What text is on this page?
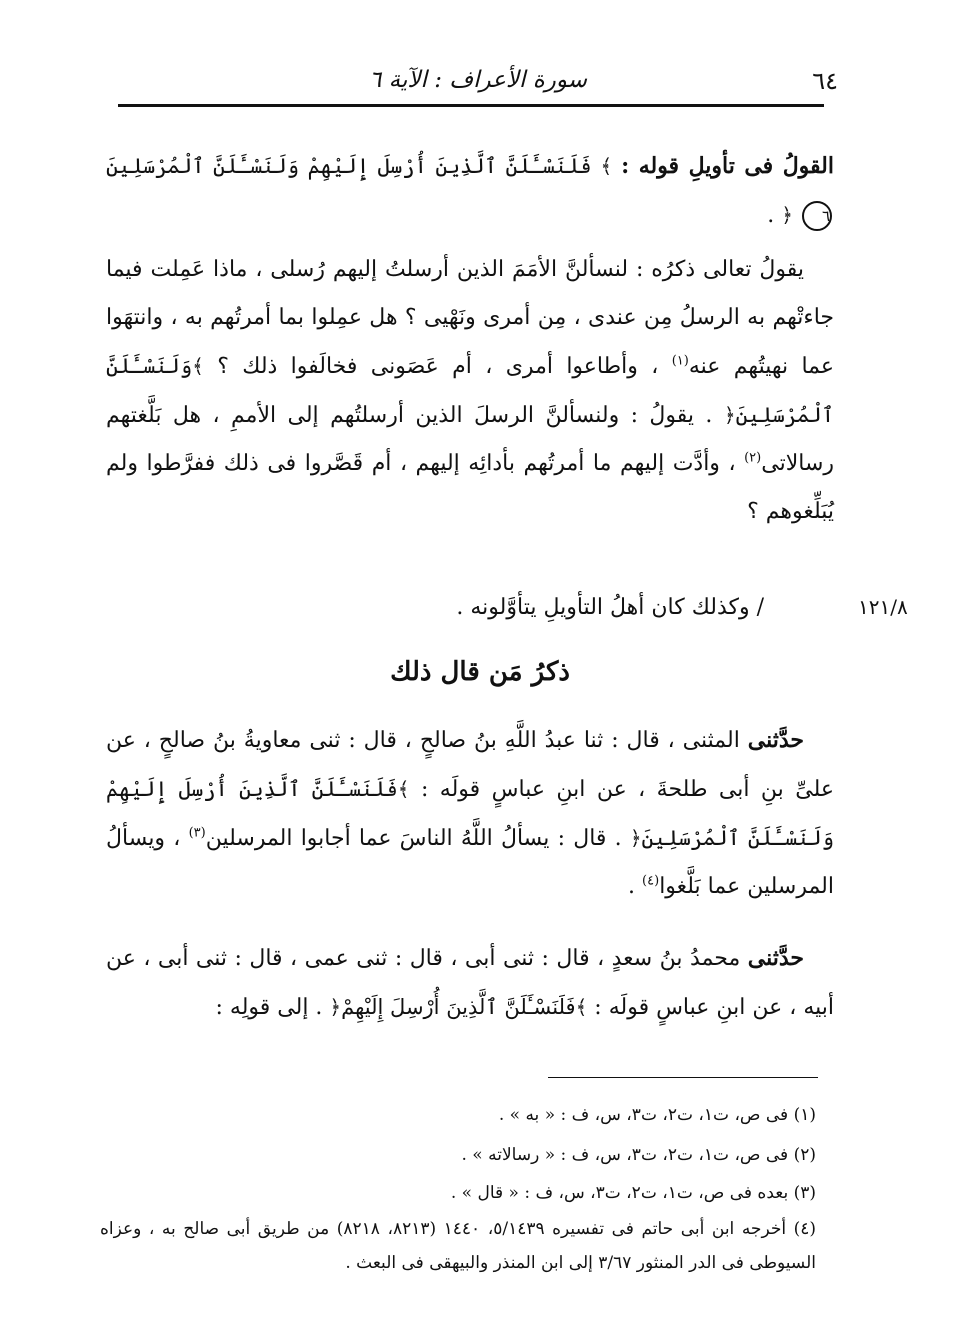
٦٤
سورة الأعراف : الآية ٦
القولُ فى تأويلِ قوله : ﴾ فَلَنَسْـَٔلَنَّ ٱلَّذِينَ أُرْسِلَ إِلَيْهِمْ وَلَنَسْـَٔلَنَّ ٱلْمُرْسَلِينَ ٦ ﴿ .
يقولُ تعالى ذكرُه : لنسألنَّ الأمَمَ الذين أرسلتُ إليهم رُسلى ، ماذا عَمِلت فيما جاءتْهم به الرسلُ مِن عندى ، مِن أمرى ونَهْيى ؟ هل عمِلوا بما أمرتُهم به ، وانتهَوا عما نهيتُهم عنه$^{(١)}$ ، وأطاعوا أمرى ، أم عَصَونى فخالَفوا ذلك ؟ ﴾وَلَنَسْـَٔلَنَّ ٱلْمُرْسَلِينَ﴿ . يقولُ : ولنسألنَّ الرسلَ الذين أرسلتُهم إلى الأممِ ، هل بَلَّغتهم رسالاتى$^{(٢)}$ ، وأدَّت إليهم ما أمرتُهم بأدائِه إليهم ، أم قَصَّروا فى ذلك ففرَّطوا ولم يُبَلِّغوهم ؟
/ وكذلك كان أهلُ التأويلِ يتأوَّلونه .	١٢١/٨
ذكرُ مَن قال ذلك
حدَّثنى المثنى ، قال : ثنا عبدُ اللَّهِ بنُ صالحٍ ، قال : ثنى معاويةُ بنُ صالحٍ ، عن علىِّ بنِ أبى طلحةَ ، عن ابنِ عباسٍ قولَه : ﴾فَلَنَسْـَٔلَنَّ ٱلَّذِينَ أُرْسِلَ إِلَيْهِمْ وَلَنَسْـَٔلَنَّ ٱلْمُرْسَلِينَ﴿ . قال : يسألُ اللَّهُ الناسَ عما أجابوا المرسلين$^{(٣)}$ ، ويسألُ المرسلين عما بَلَّغوا$^{(٤)}$ .
حدَّثنى محمدُ بنُ سعدٍ ، قال : ثنى أبى ، قال : ثنى عمى ، قال : ثنى أبى ، عن أبيه ، عن ابنِ عباسٍ قولَه : ﴾فَلَنَسْـَٔلَنَّ ٱلَّذِينَ أُرْسِلَ إِلَيْهِمْ﴿ . إلى قولِه :
(١) فى ص، ت١، ت٢، ت٣، س، ف : « به » .
(٢) فى ص، ت١، ت٢، ت٣، س، ف : « رسالاته » .
(٣) بعده فى ص، ت١، ت٢، ت٣، س، ف : « قال » .
(٤) أخرجه ابن أبى حاتم فى تفسيره ٥/١٤٣٩، ١٤٤٠ (٨٢١٣، ٨٢١٨) من طريق أبى صالح به ، وعزاه السيوطى فى الدر المنثور ٣/٦٧ إلى ابن المنذر والبيهقى فى البعث .
